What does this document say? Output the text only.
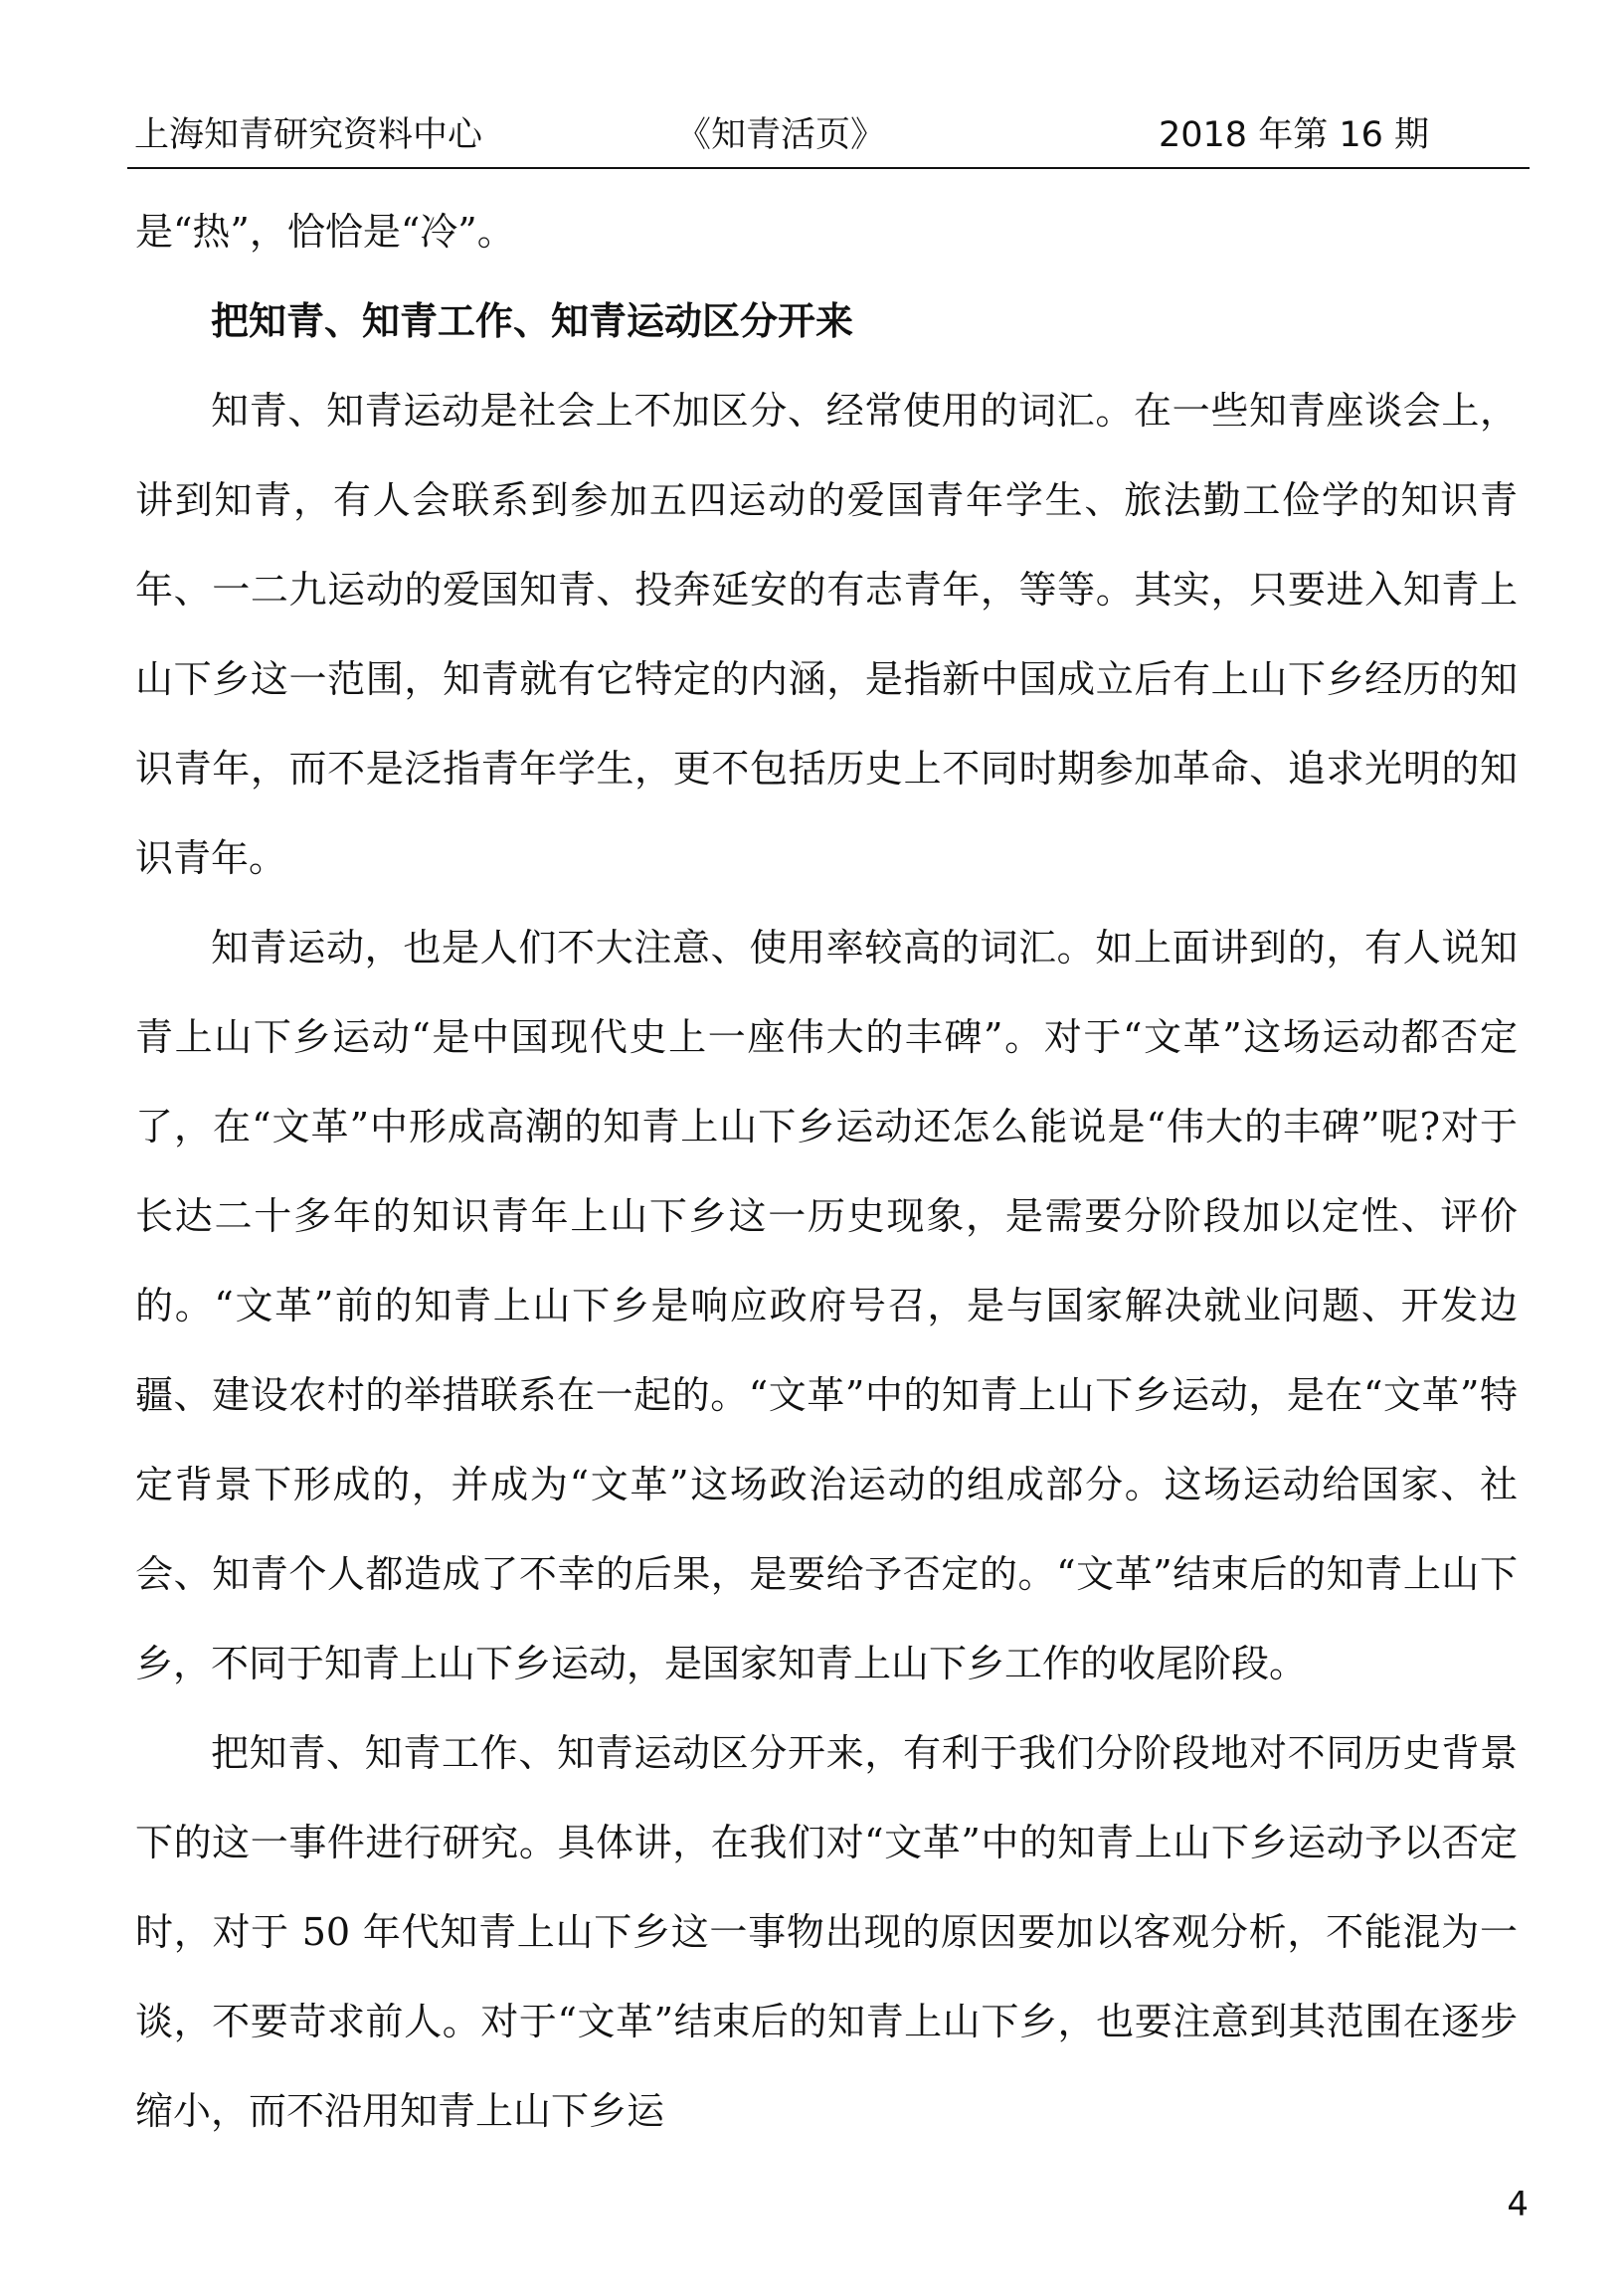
上海知青研究资料中心	《知青活页》	2018 年第 16 期

是“热”，恰恰是“冷”。

把知青、知青工作、知青运动区分开来

知青、知青运动是社会上不加区分、经常使用的词汇。在一些知青座谈会上，讲到知青，有人会联系到参加五四运动的爱国青年学生、旅法勤工俭学的知识青年、一二九运动的爱国知青、投奔延安的有志青年，等等。其实，只要进入知青上山下乡这一范围，知青就有它特定的内涵，是指新中国成立后有上山下乡经历的知识青年，而不是泛指青年学生，更不包括历史上不同时期参加革命、追求光明的知识青年。

知青运动，也是人们不大注意、使用率较高的词汇。如上面讲到的，有人说知青上山下乡运动“是中国现代史上一座伟大的丰碑”。对于“文革”这场运动都否定了，在“文革”中形成高潮的知青上山下乡运动还怎么能说是“伟大的丰碑”呢?对于长达二十多年的知识青年上山下乡这一历史现象，是需要分阶段加以定性、评价的。“文革”前的知青上山下乡是响应政府号召，是与国家解决就业问题、开发边疆、建设农村的举措联系在一起的。“文革”中的知青上山下乡运动，是在“文革”特定背景下形成的，并成为“文革”这场政治运动的组成部分。这场运动给国家、社会、知青个人都造成了不幸的后果，是要给予否定的。“文革”结束后的知青上山下乡，不同于知青上山下乡运动，是国家知青上山下乡工作的收尾阶段。

把知青、知青工作、知青运动区分开来，有利于我们分阶段地对不同历史背景下的这一事件进行研究。具体讲，在我们对“文革”中的知青上山下乡运动予以否定时，对于 50 年代知青上山下乡这一事物出现的原因要加以客观分析，不能混为一谈，不要苛求前人。对于“文革”结束后的知青上山下乡，也要注意到其范围在逐步缩小，而不沿用知青上山下乡运

4
